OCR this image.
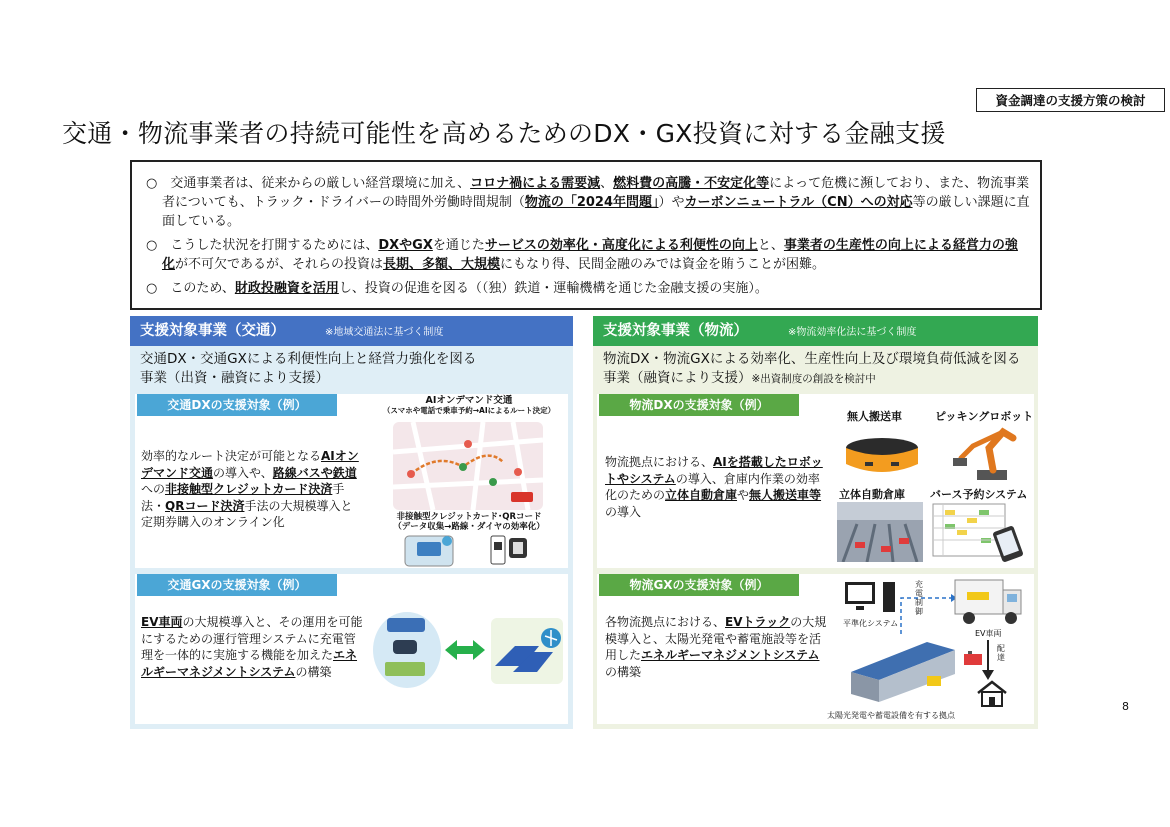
資金調達の支援方策の検討
交通・物流事業者の持続可能性を高めるためのDX・GX投資に対する金融支援

○　交通事業者は、従来からの厳しい経営環境に加え、コロナ禍による需要減、燃料費の高騰・不安定化等によって危機に瀕しており、また、物流事業者についても、トラック・ドライバーの時間外労働時間規制（物流の「2024年問題」）やカーボンニュートラル（CN）への対応等の厳しい課題に直面している。

○　こうした状況を打開するためには、DXやGXを通じたサービスの効率化・高度化による利便性の向上と、事業者の生産性の向上による経営力の強化が不可欠であるが、それらの投資は長期、多額、大規模にもなり得、民間金融のみでは資金を賄うことが困難。

○　このため、財政投融資を活用し、投資の促進を図る（（独）鉄道・運輸機構を通じた金融支援の実施）。

支援対象事業（交通）	※地域交通法に基づく制度
交通DX・交通GXによる利便性向上と経営力強化を図る事業（出資・融資により支援）
交通DXの支援対象（例）
効率的なルート決定が可能となるAIオンデマンド交通の導入や、路線バスや鉄道への非接触型クレジットカード決済手法・QRコード決済手法の大規模導入と定期券購入のオンライン化
AIオンデマンド交通
（スマホや電話で乗車予約→AIによるルート決定）
非接触型クレジットカード･QRコード
（データ収集→路線・ダイヤの効率化）
交通GXの支援対象（例）
EV車両の大規模導入と、その運用を可能にするための運行管理システムに充電管理を一体的に実施する機能を加えたエネルギーマネジメントシステムの構築
支援対象事業（物流）	※物流効率化法に基づく制度
物流DX・物流GXによる効率化、生産性向上及び環境負荷低減を図る事業（融資により支援）※出資制度の創設を検討中
物流DXの支援対象（例）
物流拠点における、AIを搭載したロボットやシステムの導入、倉庫内作業の効率化のための立体自動倉庫や無人搬送車等の導入
無人搬送車	ピッキングロボット
立体自動倉庫 バース予約システム
物流GXの支援対象（例）
各物流拠点における、EVトラックの大規模導入と、太陽光発電や蓄電施設等を活用したエネルギーマネジメントシステムの構築
平準化システム
充電制御
EV車両
配達
太陽光発電や蓄電設備を有する拠点
8
